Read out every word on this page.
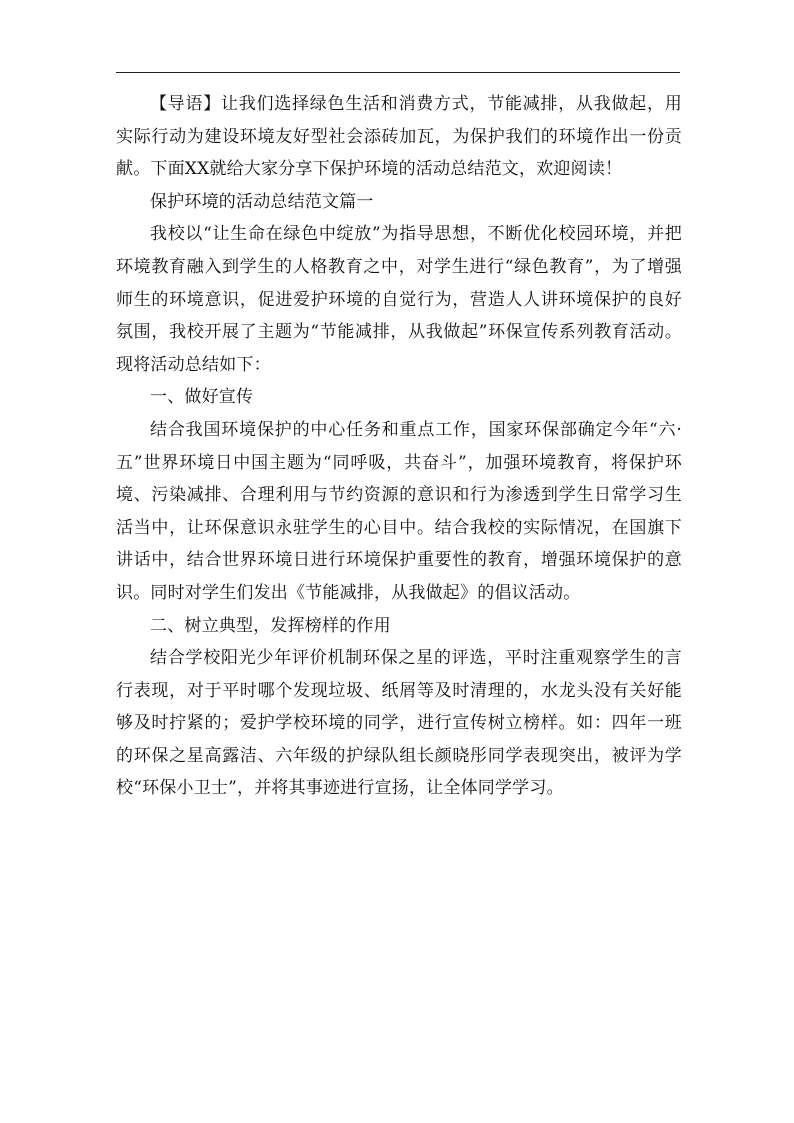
【导语】让我们选择绿色生活和消费方式，节能减排，从我做起，用实际行动为建设环境友好型社会添砖加瓦，为保护我们的环境作出一份贡献。下面XX就给大家分享下保护环境的活动总结范文，欢迎阅读！

保护环境的活动总结范文篇一

我校以“让生命在绿色中绽放”为指导思想，不断优化校园环境，并把环境教育融入到学生的人格教育之中，对学生进行“绿色教育”，为了增强师生的环境意识，促进爱护环境的自觉行为，营造人人讲环境保护的良好氛围，我校开展了主题为“节能减排，从我做起”环保宣传系列教育活动。现将活动总结如下：

一、做好宣传

结合我国环境保护的中心任务和重点工作，国家环保部确定今年“六·五”世界环境日中国主题为“同呼吸，共奋斗”，加强环境教育，将保护环境、污染减排、合理利用与节约资源的意识和行为渗透到学生日常学习生活当中，让环保意识永驻学生的心目中。结合我校的实际情况，在国旗下讲话中，结合世界环境日进行环境保护重要性的教育，增强环境保护的意识。同时对学生们发出《节能减排，从我做起》的倡议活动。

二、树立典型，发挥榜样的作用

结合学校阳光少年评价机制环保之星的评选，平时注重观察学生的言行表现，对于平时哪个发现垃圾、纸屑等及时清理的，水龙头没有关好能够及时拧紧的；爱护学校环境的同学，进行宣传树立榜样。如：四年一班的环保之星高露洁、六年级的护绿队组长颜晓彤同学表现突出，被评为学校“环保小卫士”，并将其事迹进行宣扬，让全体同学学习。
